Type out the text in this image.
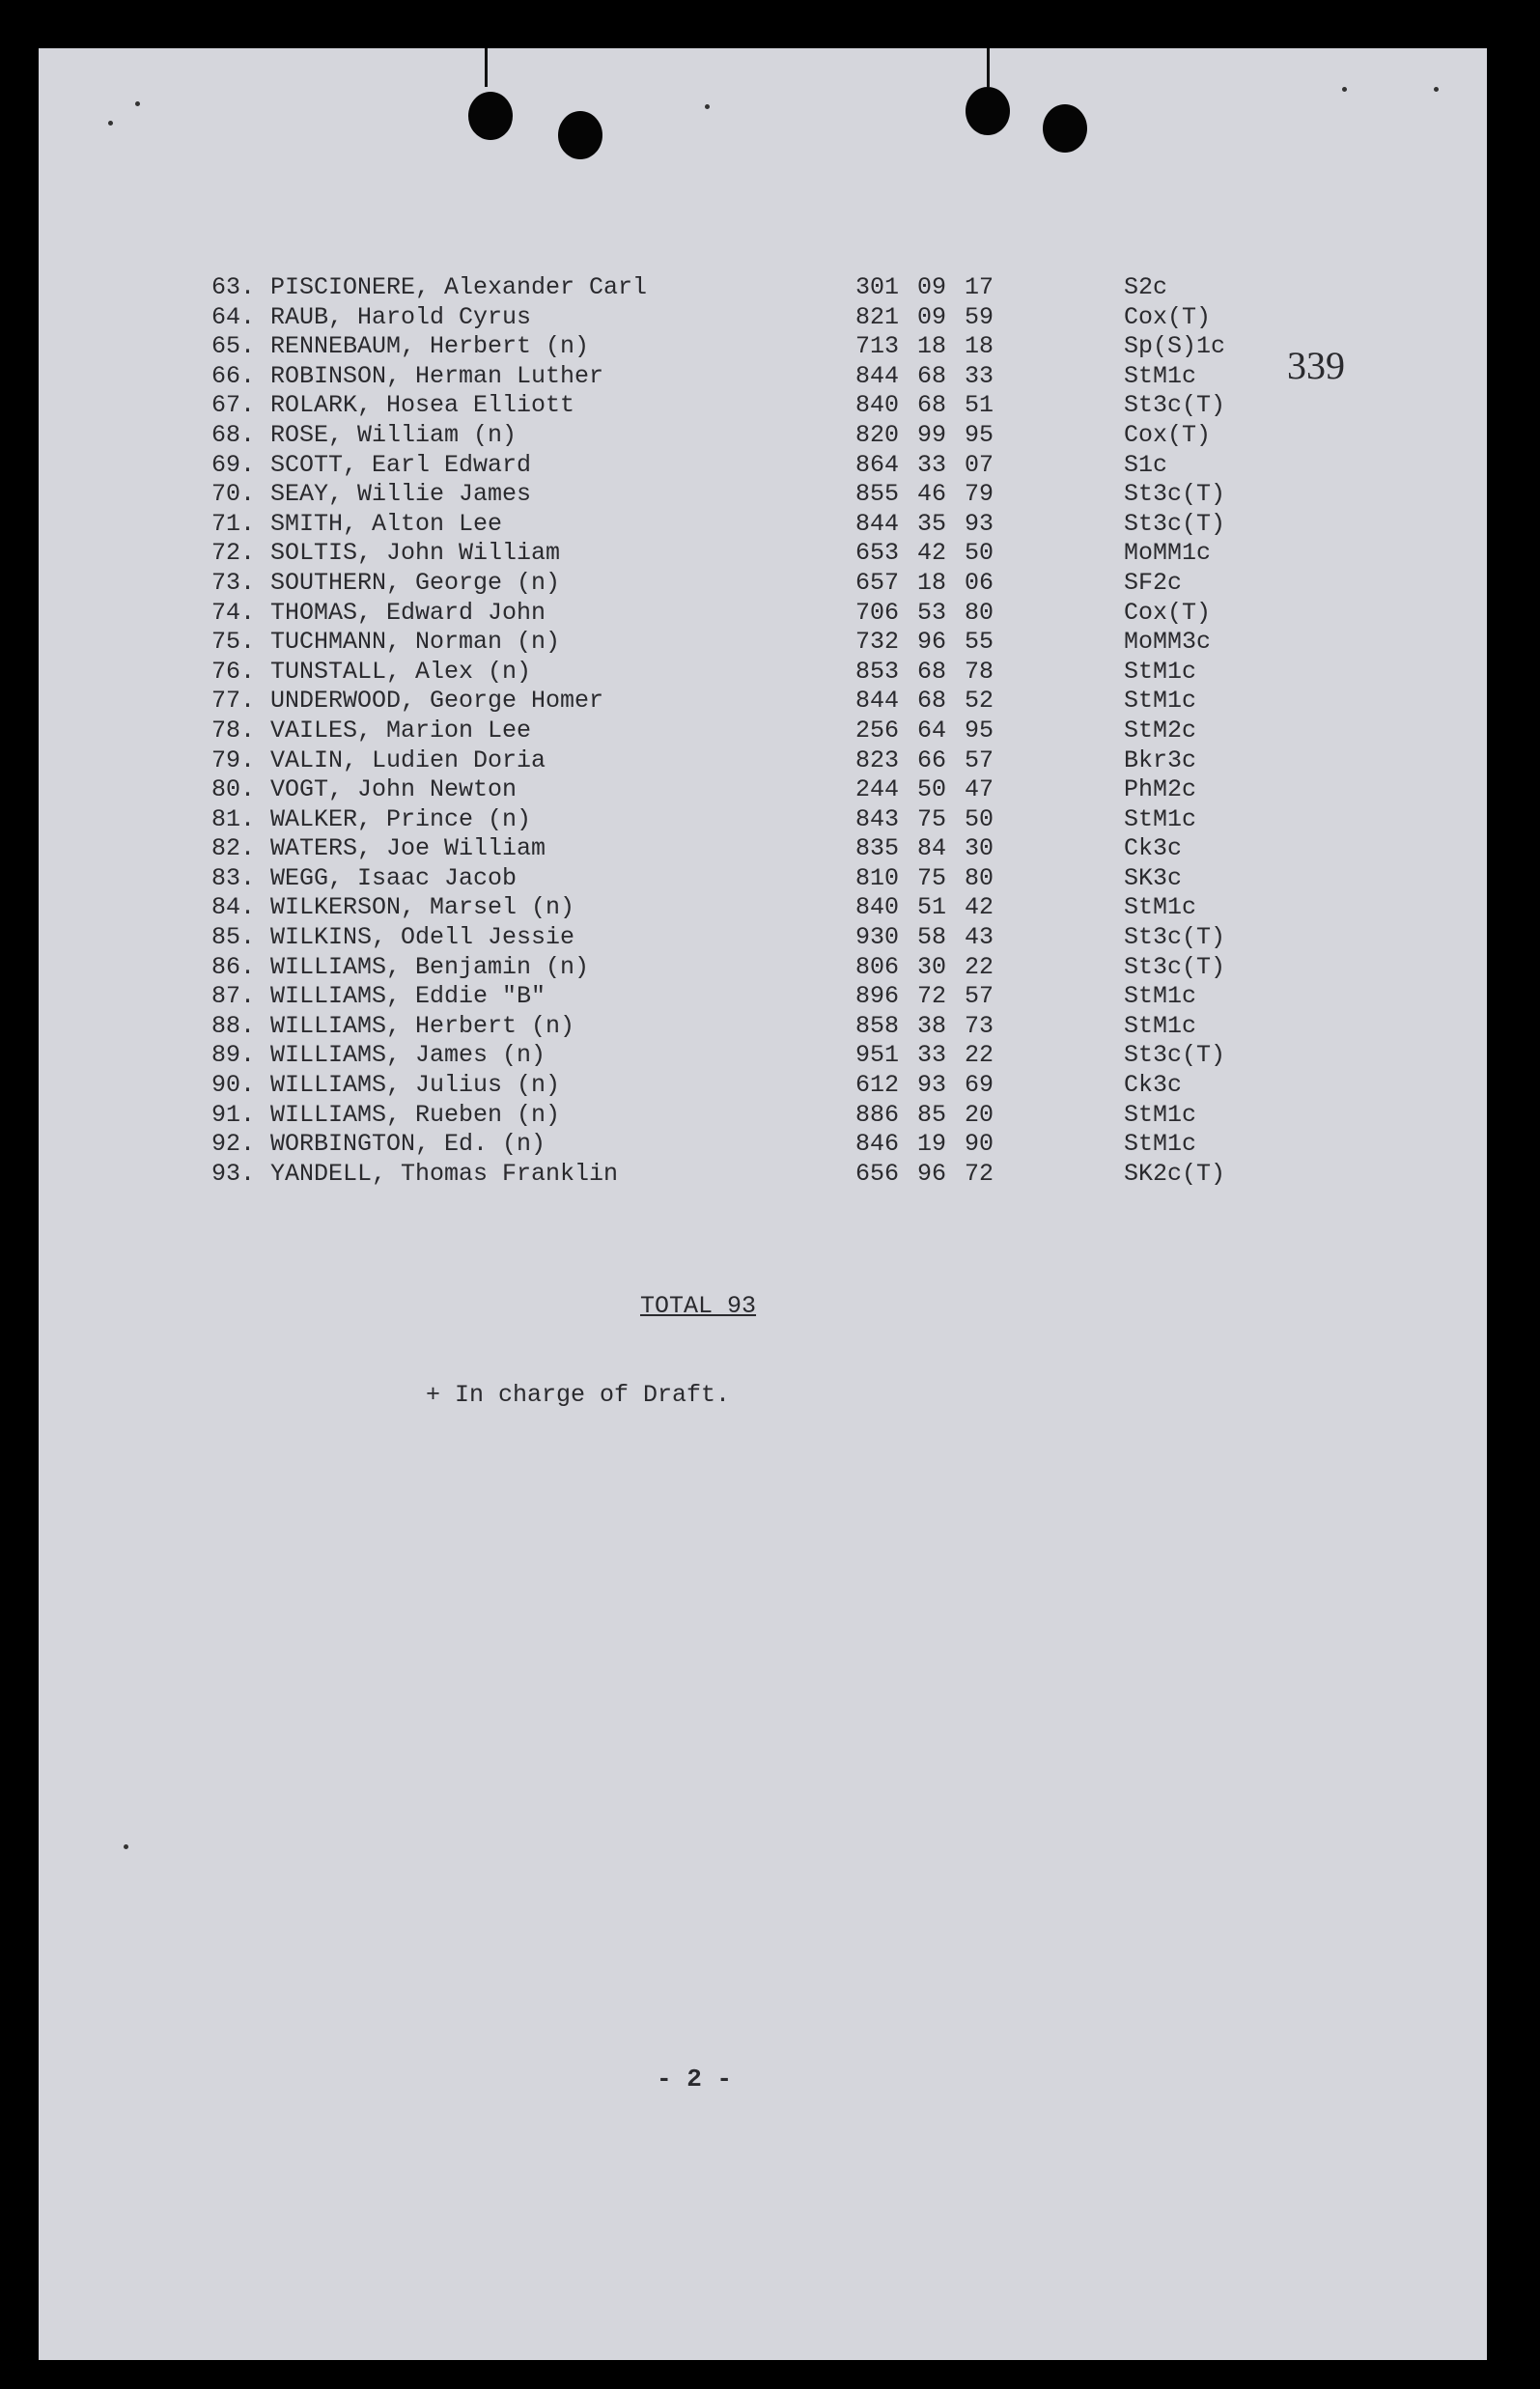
339
63. PISCIONERE, Alexander Carl	301 09 17	S2c
64. RAUB, Harold Cyrus	821 09 59	Cox(T)
65. RENNEBAUM, Herbert (n)	713 18 18	Sp(S)1c
66. ROBINSON, Herman Luther	844 68 33	StM1c
67. ROLARK, Hosea Elliott	840 68 51	St3c(T)
68. ROSE, William (n)	820 99 95	Cox(T)
69. SCOTT, Earl Edward	864 33 07	S1c
70. SEAY, Willie James	855 46 79	St3c(T)
71. SMITH, Alton Lee	844 35 93	St3c(T)
72. SOLTIS, John William	653 42 50	MoMM1c
73. SOUTHERN, George (n)	657 18 06	SF2c
74. THOMAS, Edward John	706 53 80	Cox(T)
75. TUCHMANN, Norman (n)	732 96 55	MoMM3c
76. TUNSTALL, Alex (n)	853 68 78	StM1c
77. UNDERWOOD, George Homer	844 68 52	StM1c
78. VAILES, Marion Lee	256 64 95	StM2c
79. VALIN, Ludien Doria	823 66 57	Bkr3c
80. VOGT, John Newton	244 50 47	PhM2c
81. WALKER, Prince (n)	843 75 50	StM1c
82. WATERS, Joe William	835 84 30	Ck3c
83. WEGG, Isaac Jacob	810 75 80	SK3c
84. WILKERSON, Marsel (n)	840 51 42	StM1c
85. WILKINS, Odell Jessie	930 58 43	St3c(T)
86. WILLIAMS, Benjamin (n)	806 30 22	St3c(T)
87. WILLIAMS, Eddie "B"	896 72 57	StM1c
88. WILLIAMS, Herbert (n)	858 38 73	StM1c
89. WILLIAMS, James (n)	951 33 22	St3c(T)
90. WILLIAMS, Julius (n)	612 93 69	Ck3c
91. WILLIAMS, Rueben (n)	886 85 20	StM1c
92. WORBINGTON, Ed. (n)	846 19 90	StM1c
93. YANDELL, Thomas Franklin	656 96 72	SK2c(T)
TOTAL 93
+ In charge of Draft.
- 2 -
